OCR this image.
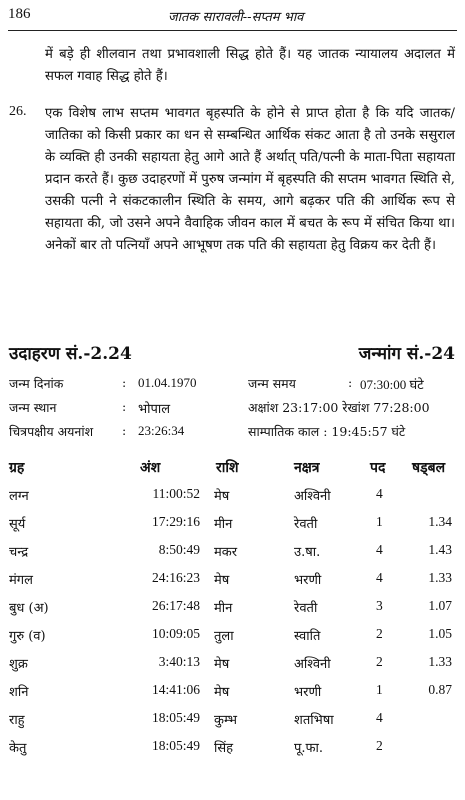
186	जातक सारावली--सप्तम भाव
में बड़े ही शीलवान तथा प्रभावशाली सिद्ध होते हैं। यह जातक न्यायालय अदालत में सफल गवाह सिद्ध होते हैं।
26. एक विशेष लाभ सप्तम भावगत बृहस्पति के होने से प्राप्त होता है कि यदि जातक/जातिका को किसी प्रकार का धन से सम्बन्धित आर्थिक संकट आता है तो उनके ससुराल के व्यक्ति ही उनकी सहायता हेतु आगे आते हैं अर्थात् पति/पत्नी के माता-पिता सहायता प्रदान करते हैं। कुछ उदाहरणों में पुरुष जन्मांग में बृहस्पति की सप्तम भावगत स्थिति से, उसकी पत्नी ने संकटकालीन स्थिति के समय, आगे बढ़कर पति की आर्थिक रूप से सहायता की, जो उसने अपने वैवाहिक जीवन काल में बचत के रूप में संचित किया था। अनेकों बार तो पत्नियाँ अपने आभूषण तक पति की सहायता हेतु विक्रय कर देती हैं।
उदाहरण सं.-2.24	जन्मांग सं.-24
जन्म दिनांक	: 01.04.1970	जन्म समय	: 07:30:00 घंटे
जन्म स्थान	: भोपाल	अक्षांश 23:17:00 रेखांश 77:28:00
चित्रपक्षीय अयनांश : 23:26:34	साम्पातिक काल : 19:45:57 घंटे
ग्रह	अंश	राशि	नक्षत्र	पद षड्बल
लग्न	11:00:52 मेष	अश्विनी	4
सूर्य	17:29:16 मीन	रेवती	1	1.34
चन्द्र	8:50:49 मकर	उ.षा.	4	1.43
मंगल	24:16:23 मेष	भरणी	4	1.33
बुध (अ)	26:17:48 मीन	रेवती	3	1.07
गुरु (व)	10:09:05 तुला	स्वाति	2	1.05
शुक्र	3:40:13 मेष	अश्विनी	2	1.33
शनि	14:41:06 मेष	भरणी	1	0.87
राहु	18:05:49 कुम्भ	शतभिषा	4
केतु	18:05:49 सिंह	पू.फा.	2
